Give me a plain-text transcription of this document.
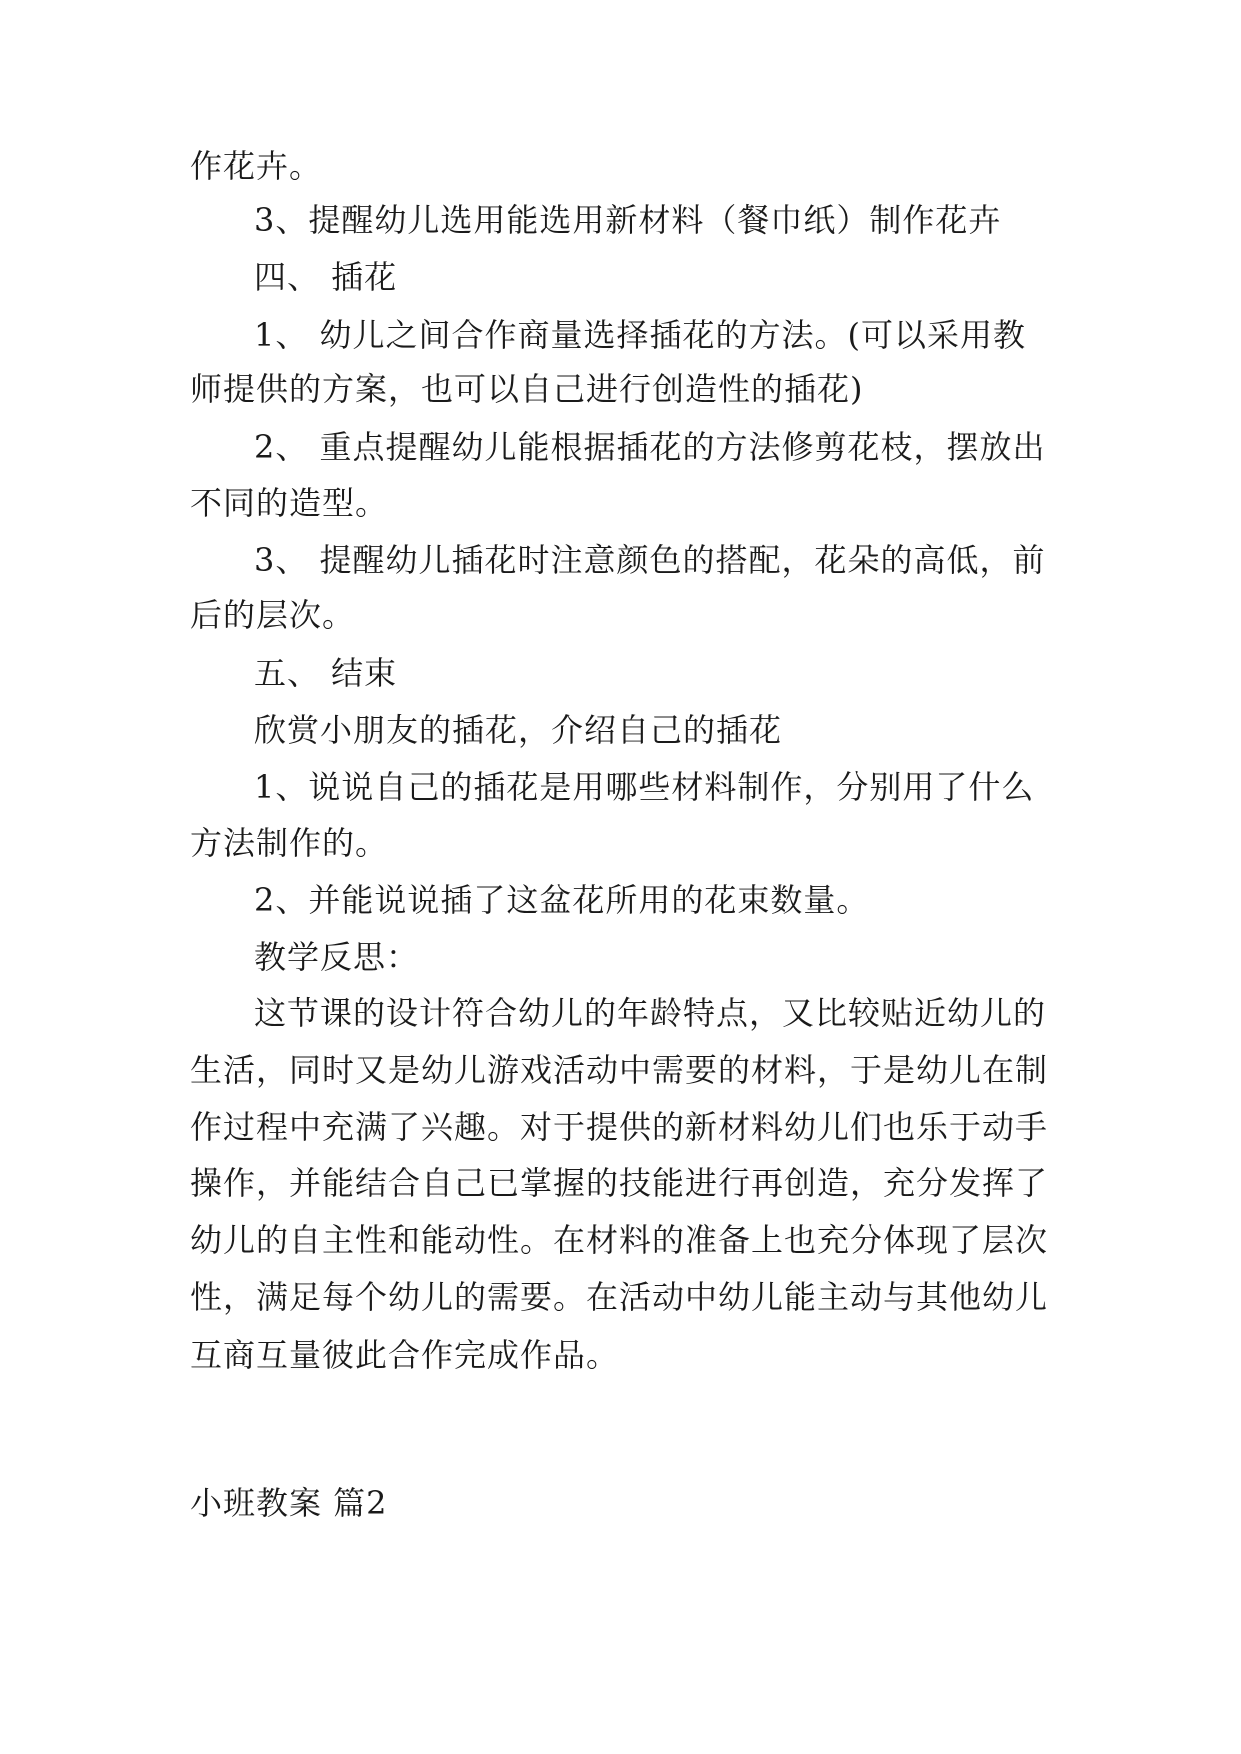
作花卉。
3、提醒幼儿选用能选用新材料（餐巾纸）制作花卉
四、 插花
1、 幼儿之间合作商量选择插花的方法。(可以采用教
师提供的方案，也可以自己进行创造性的插花)
2、 重点提醒幼儿能根据插花的方法修剪花枝，摆放出
不同的造型。
3、 提醒幼儿插花时注意颜色的搭配，花朵的高低，前
后的层次。
五、 结束
欣赏小朋友的插花，介绍自己的插花
1、说说自己的插花是用哪些材料制作，分别用了什么
方法制作的。
2、并能说说插了这盆花所用的花束数量。
教学反思：
这节课的设计符合幼儿的年龄特点，又比较贴近幼儿的
生活，同时又是幼儿游戏活动中需要的材料，于是幼儿在制
作过程中充满了兴趣。对于提供的新材料幼儿们也乐于动手
操作，并能结合自己已掌握的技能进行再创造，充分发挥了
幼儿的自主性和能动性。在材料的准备上也充分体现了层次
性，满足每个幼儿的需要。在活动中幼儿能主动与其他幼儿
互商互量彼此合作完成作品。
小班教案 篇2
